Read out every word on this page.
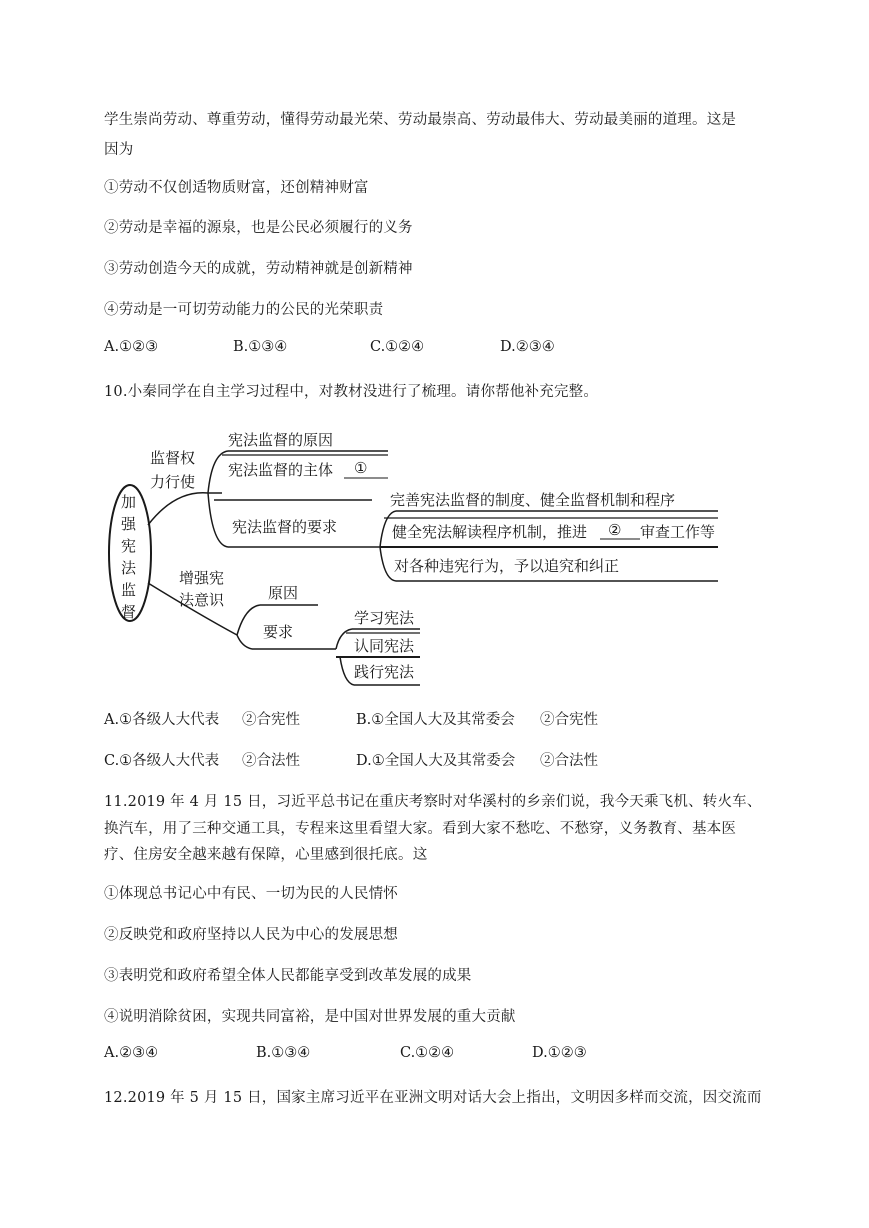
学生崇尚劳动、尊重劳动，懂得劳动最光荣、劳动最崇高、劳动最伟大、劳动最美丽的道理。这是
因为
①劳动不仅创适物质财富，还创精神财富
②劳动是幸福的源泉，也是公民必须履行的义务
③劳动创造今天的成就，劳动精神就是创新精神
④劳动是一可切劳动能力的公民的光荣职责
A.①②③	B.①③④	C.①②④	D.②③④
10.小秦同学在自主学习过程中，对教材没进行了梳理。请你帮他补充完整。
加
强
宪
法
监
督
监督权
力行使
宪法监督的原因
宪法监督的主体 ①
宪法监督的要求
完善宪法监督的制度、健全监督机制和程序
健全宪法解读程序机制，推进 ② 审查工作等
对各种违宪行为，予以追究和纠正
增强宪
法意识	原因
要求
学习宪法
认同宪法
践行宪法
A.①各级人大代表 ②合宪性	B.①全国人大及其常委会 ②合宪性
C.①各级人大代表 ②合法性	D.①全国人大及其常委会 ②合法性
11.2019 年 4 月 15 日，习近平总书记在重庆考察时对华溪村的乡亲们说，我今天乘飞机、转火车、
换汽车，用了三种交通工具，专程来这里看望大家。看到大家不愁吃、不愁穿，义务教育、基本医
疗、住房安全越来越有保障，心里感到很托底。这
①体现总书记心中有民、一切为民的人民情怀
②反映党和政府坚持以人民为中心的发展思想
③表明党和政府希望全体人民都能享受到改革发展的成果
④说明消除贫困，实现共同富裕，是中国对世界发展的重大贡献
A.②③④	B.①③④	C.①②④	D.①②③
12.2019 年 5 月 15 日，国家主席习近平在亚洲文明对话大会上指出，文明因多样而交流，因交流而
